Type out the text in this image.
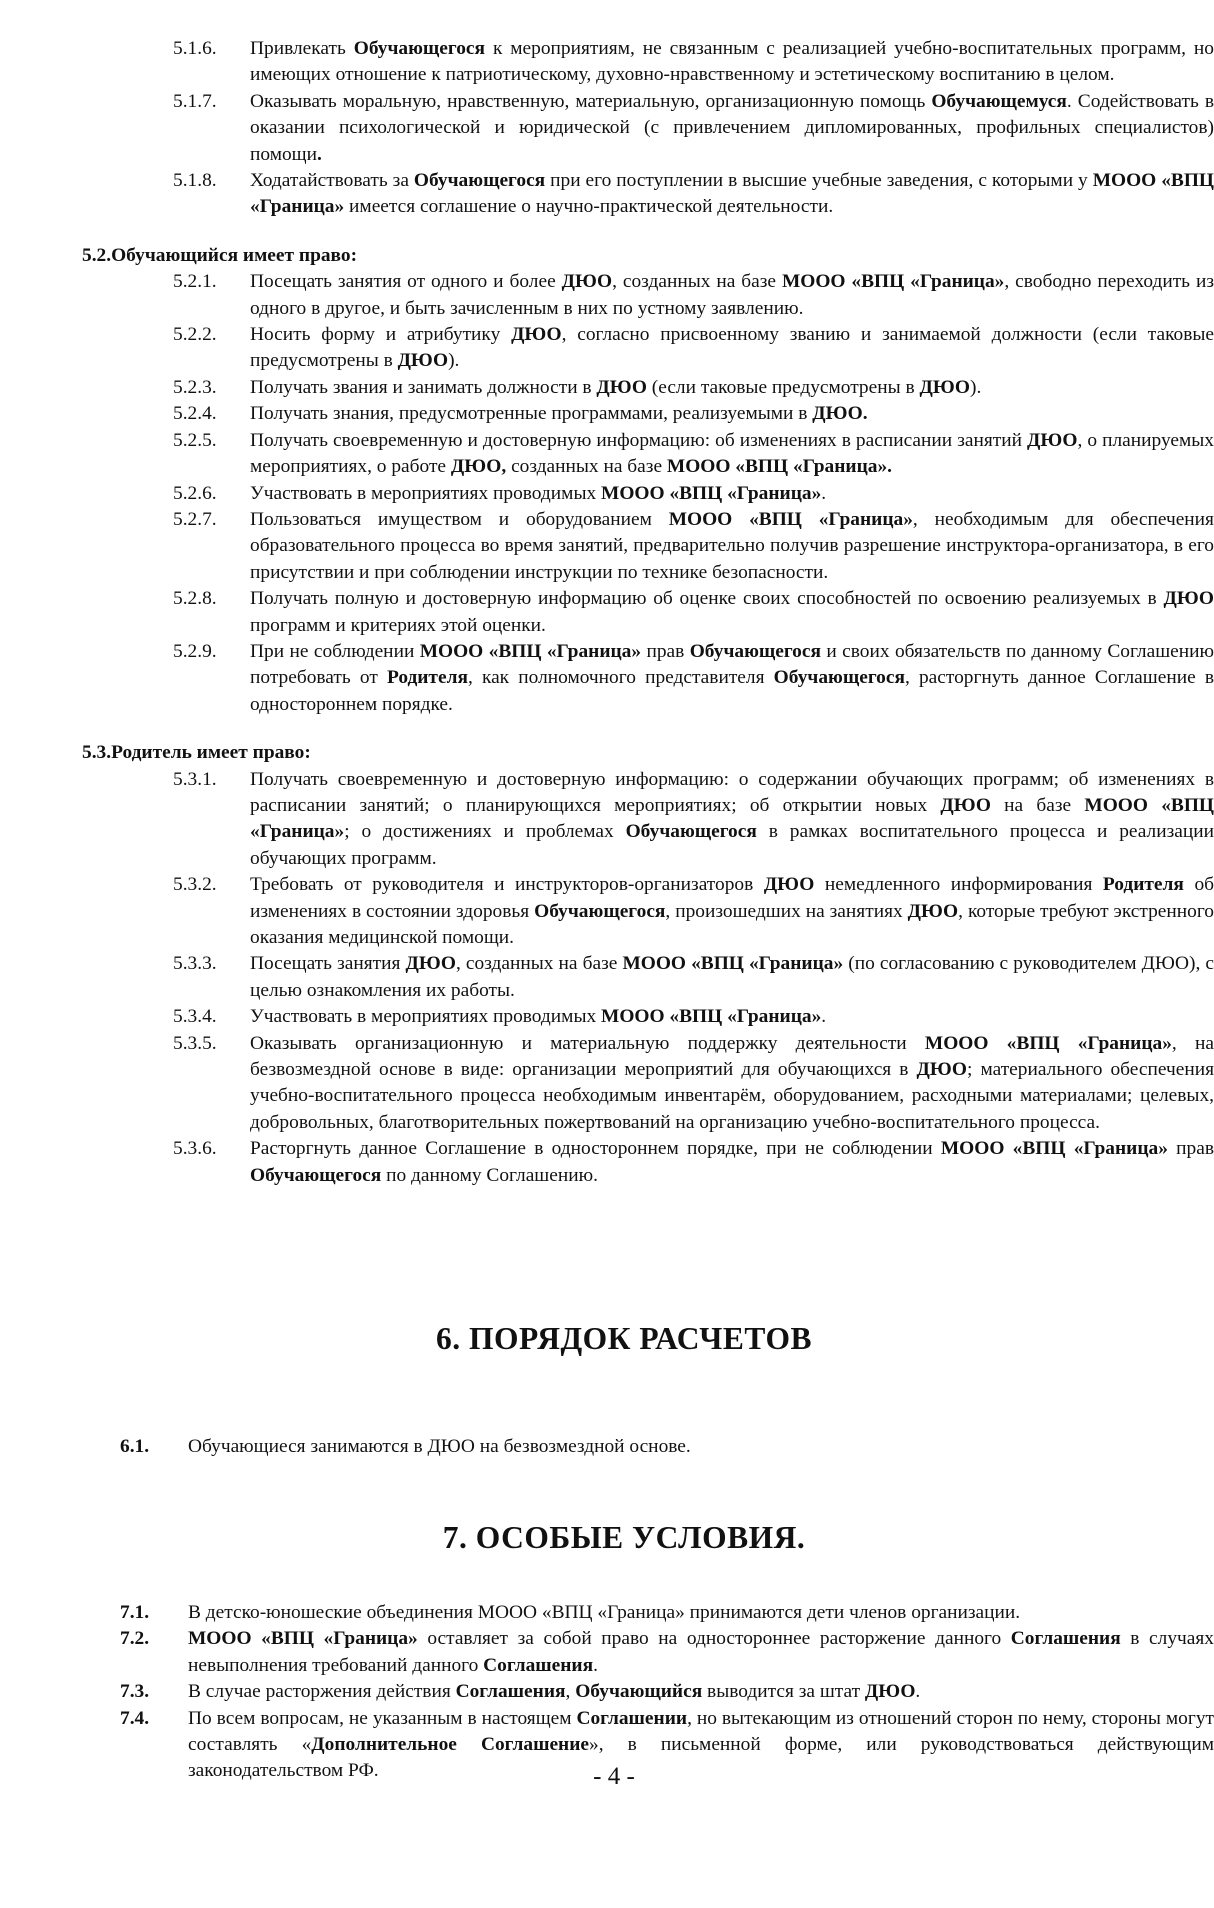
5.1.6. Привлекать Обучающегося к мероприятиям, не связанным с реализацией учебно-воспитательных программ, но имеющих отношение к патриотическому, духовно-нравственному и эстетическому воспитанию в целом.
5.1.7. Оказывать моральную, нравственную, материальную, организационную помощь Обучающемуся. Содействовать в оказании психологической и юридической (с привлечением дипломированных, профильных специалистов) помощи.
5.1.8. Ходатайствовать за Обучающегося при его поступлении в высшие учебные заведения, с которыми у МООО «ВПЦ «Граница» имеется соглашение о научно-практической деятельности.
5.2.Обучающийся имеет право:
5.2.1. Посещать занятия от одного и более ДЮО, созданных на базе МООО «ВПЦ «Граница», свободно переходить из одного в другое, и быть зачисленным в них по устному заявлению.
5.2.2. Носить форму и атрибутику ДЮО, согласно присвоенному званию и занимаемой должности (если таковые предусмотрены в ДЮО).
5.2.3. Получать звания и занимать должности в ДЮО (если таковые предусмотрены в ДЮО).
5.2.4. Получать знания, предусмотренные программами, реализуемыми в ДЮО.
5.2.5. Получать своевременную и достоверную информацию: об изменениях в расписании занятий ДЮО, о планируемых мероприятиях, о работе ДЮО, созданных на базе МООО «ВПЦ «Граница».
5.2.6. Участвовать в мероприятиях проводимых МООО «ВПЦ «Граница».
5.2.7. Пользоваться имуществом и оборудованием МООО «ВПЦ «Граница», необходимым для обеспечения образовательного процесса во время занятий, предварительно получив разрешение инструктора-организатора, в его присутствии и при соблюдении инструкции по технике безопасности.
5.2.8. Получать полную и достоверную информацию об оценке своих способностей по освоению реализуемых в ДЮО программ и критериях этой оценки.
5.2.9. При не соблюдении МООО «ВПЦ «Граница» прав Обучающегося и своих обязательств по данному Соглашению потребовать от Родителя, как полномочного представителя Обучающегося, расторгнуть данное Соглашение в одностороннем порядке.
5.3.Родитель имеет право:
5.3.1. Получать своевременную и достоверную информацию: о содержании обучающих программ; об изменениях в расписании занятий; о планирующихся мероприятиях; об открытии новых ДЮО на базе МООО «ВПЦ «Граница»; о достижениях и проблемах Обучающегося в рамках воспитательного процесса и реализации обучающих программ.
5.3.2. Требовать от руководителя и инструкторов-организаторов ДЮО немедленного информирования Родителя об изменениях в состоянии здоровья Обучающегося, произошедших на занятиях ДЮО, которые требуют экстренного оказания медицинской помощи.
5.3.3. Посещать занятия ДЮО, созданных на базе МООО «ВПЦ «Граница» (по согласованию с руководителем ДЮО), с целью ознакомления их работы.
5.3.4. Участвовать в мероприятиях проводимых МООО «ВПЦ «Граница».
5.3.5. Оказывать организационную и материальную поддержку деятельности МООО «ВПЦ «Граница», на безвозмездной основе в виде: организации мероприятий для обучающихся в ДЮО; материального обеспечения учебно-воспитательного процесса необходимым инвентарём, оборудованием, расходными материалами; целевых, добровольных, благотворительных пожертвований на организацию учебно-воспитательного процесса.
5.3.6. Расторгнуть данное Соглашение в одностороннем порядке, при не соблюдении МООО «ВПЦ «Граница» прав Обучающегося по данному Соглашению.
6. ПОРЯДОК РАСЧЕТОВ
6.1. Обучающиеся занимаются в ДЮО на безвозмездной основе.
7. ОСОБЫЕ УСЛОВИЯ.
7.1. В детско-юношеские объединения МООО «ВПЦ «Граница» принимаются дети членов организации.
7.2. МООО «ВПЦ «Граница» оставляет за собой право на одностороннее расторжение данного Соглашения в случаях невыполнения требований данного Соглашения.
7.3. В случае расторжения действия Соглашения, Обучающийся выводится за штат ДЮО.
7.4. По всем вопросам, не указанным в настоящем Соглашении, но вытекающим из отношений сторон по нему, стороны могут составлять «Дополнительное Соглашение», в письменной форме, или руководствоваться действующим законодательством РФ.	- 4 -
